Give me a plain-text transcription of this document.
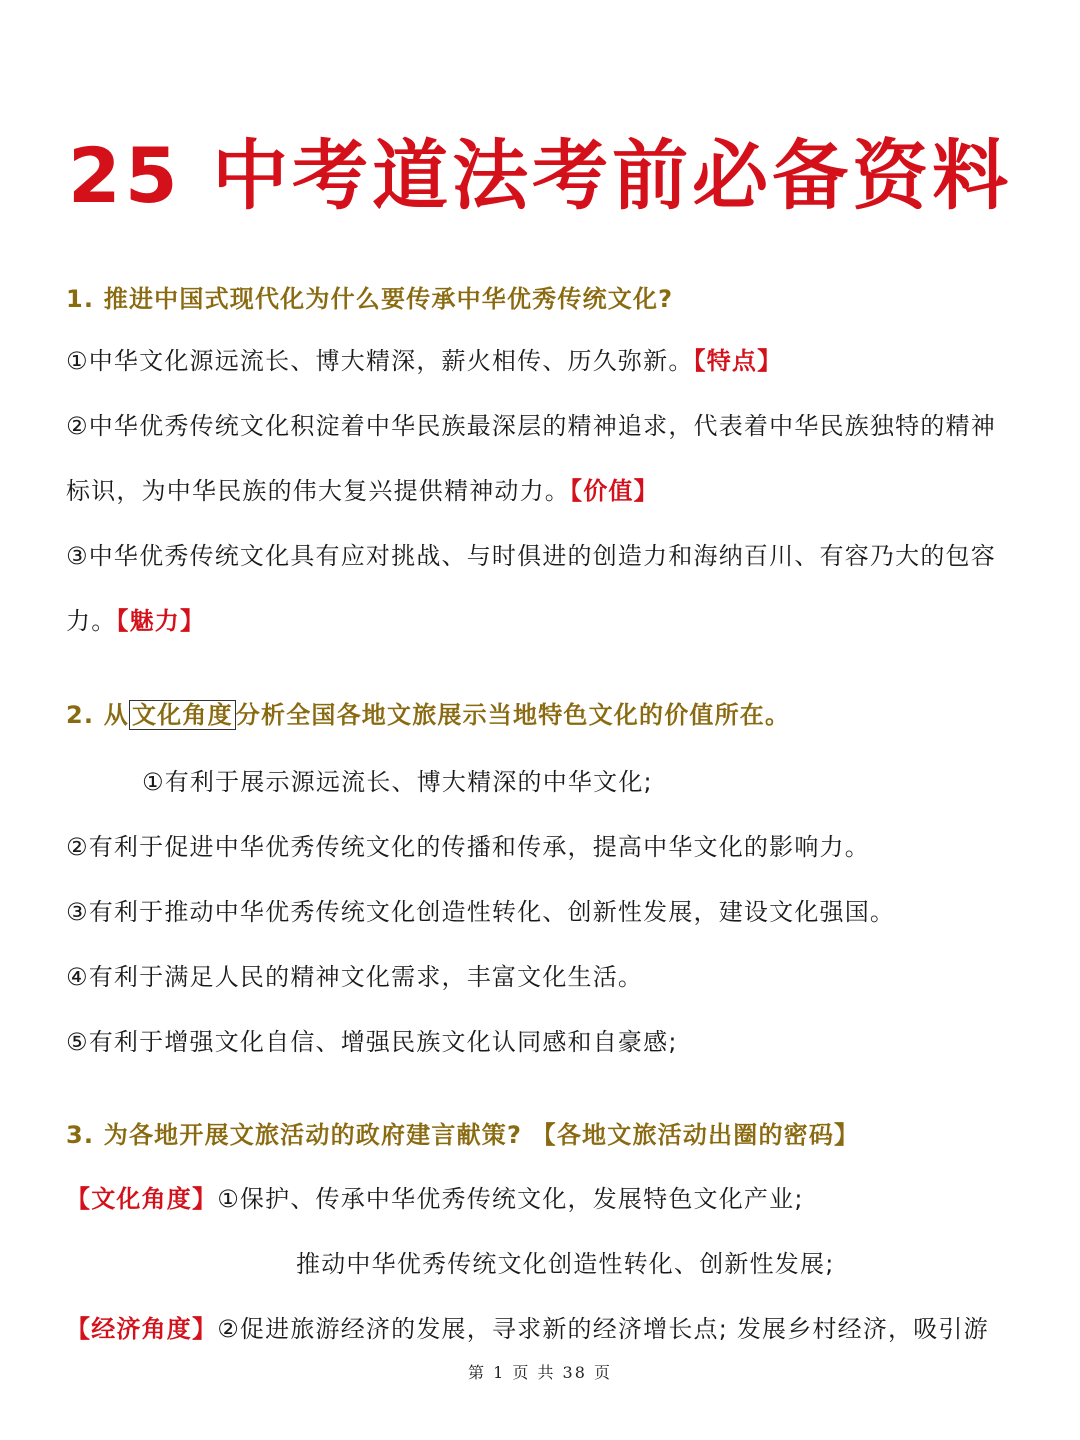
25 中考道法考前必备资料
1. 推进中国式现代化为什么要传承中华优秀传统文化?
①中华文化源远流长、博大精深，薪火相传、历久弥新。【特点】
②中华优秀传统文化积淀着中华民族最深层的精神追求，代表着中华民族独特的精神
标识，为中华民族的伟大复兴提供精神动力。【价值】
③中华优秀传统文化具有应对挑战、与时俱进的创造力和海纳百川、有容乃大的包容
力。【魅力】
2. 从 文化角度 分析全国各地文旅展示当地特色文化的价值所在。
①有利于展示源远流长、博大精深的中华文化;
②有利于促进中华优秀传统文化的传播和传承，提高中华文化的影响力。
③有利于推动中华优秀传统文化创造性转化、创新性发展，建设文化强国。
④有利于满足人民的精神文化需求，丰富文化生活。
⑤有利于增强文化自信、增强民族文化认同感和自豪感;
3. 为各地开展文旅活动的政府建言献策? 【各地文旅活动出圈的密码】
【文化角度】①保护、传承中华优秀传统文化，发展特色文化产业;
推动中华优秀传统文化创造性转化、创新性发展;
【经济角度】②促进旅游经济的发展，寻求新的经济增长点; 发展乡村经济，吸引游
第 1 页 共 38 页
